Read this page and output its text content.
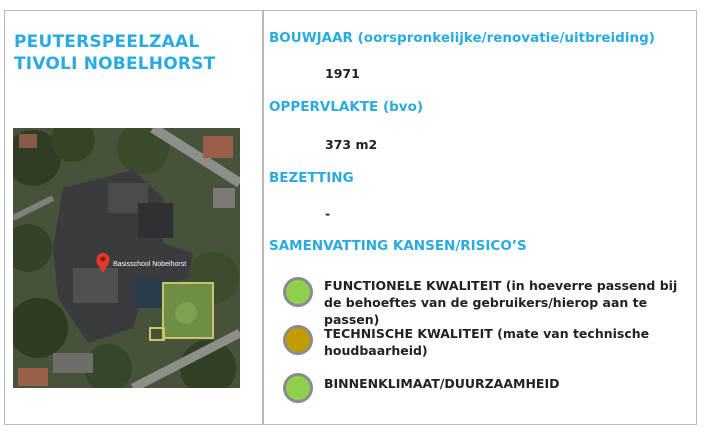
PEUTERSPEELZAAL
TIVOLI NOBELHORST
Basisschool Nobelhorst
BOUWJAAR (oorspronkelijke/renovatie/uitbreiding)
1971
OPPERVLAKTE (bvo)
373 m2
BEZETTING
-
SAMENVATTING KANSEN/RISICO’S
FUNCTIONELE KWALITEIT (in hoeverre passend bij de behoeftes van de gebruikers/hierop aan te passen)
TECHNISCHE KWALITEIT (mate van technische houdbaarheid)
BINNENKLIMAAT/DUURZAAMHEID
